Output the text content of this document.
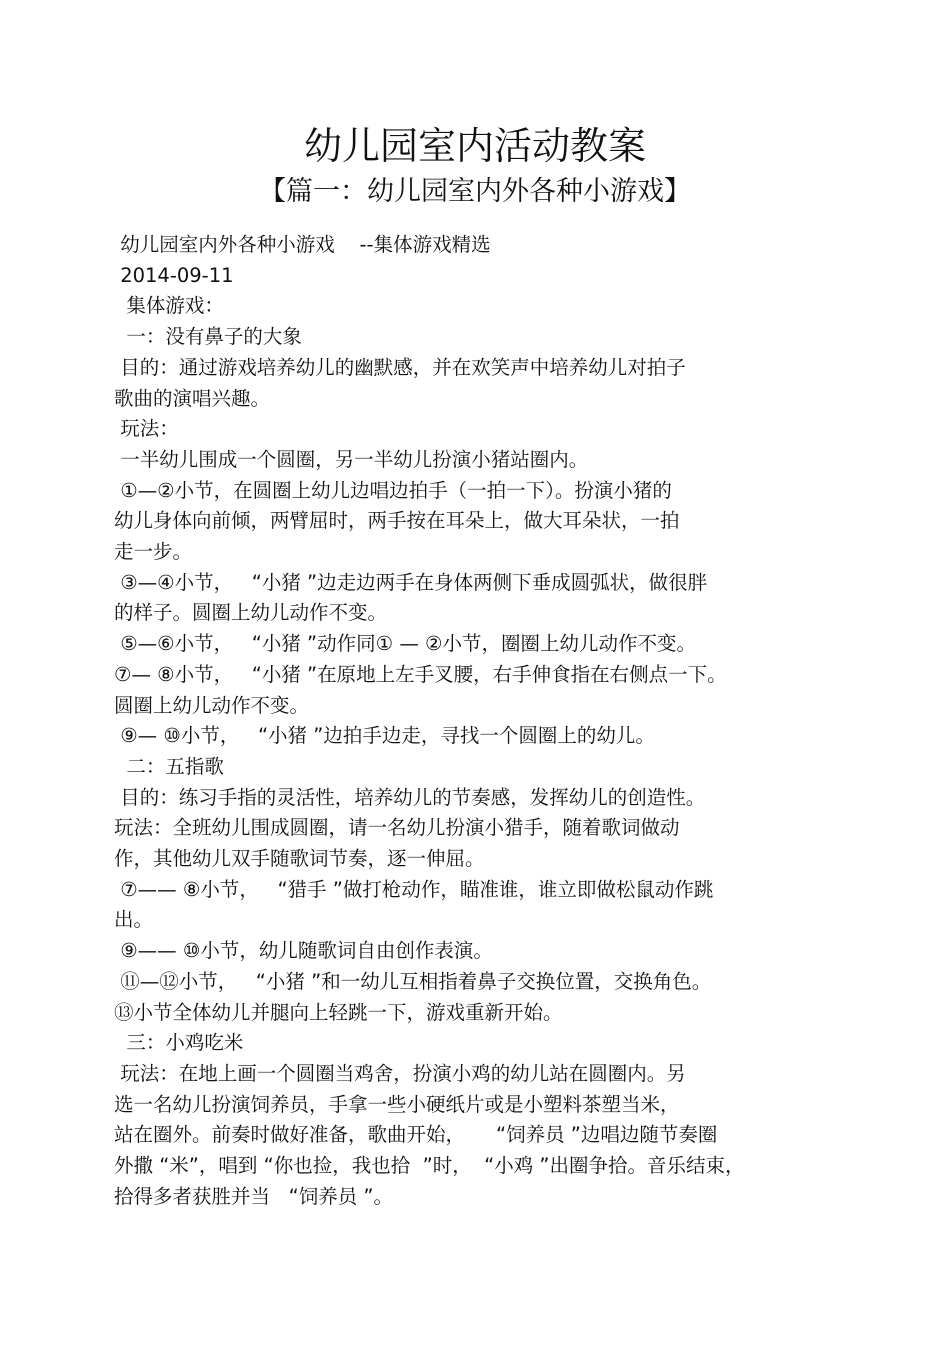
幼儿园室内活动教案
【篇一：幼儿园室内外各种小游戏】
幼儿园室内外各种小游戏    --集体游戏精选
2014-09-11
集体游戏：
一：没有鼻子的大象
目的：通过游戏培养幼儿的幽默感，并在欢笑声中培养幼儿对拍子
歌曲的演唱兴趣。
玩法：
一半幼儿围成一个圆圈，另一半幼儿扮演小猪站圈内。
①—②小节，在圆圈上幼儿边唱边拍手（一拍一下）。扮演小猪的
幼儿身体向前倾，两臂屈时，两手按在耳朵上，做大耳朵状，一拍
走一步。
③—④小节，   “小猪 ”边走边两手在身体两侧下垂成圆弧状，做很胖
的样子。圆圈上幼儿动作不变。
⑤—⑥小节，   “小猪 ”动作同① — ②小节，圈圈上幼儿动作不变。
⑦— ⑧小节，   “小猪 ”在原地上左手叉腰，右手伸食指在右侧点一下。
圆圈上幼儿动作不变。
⑨— ⑩小节，   “小猪 ”边拍手边走，寻找一个圆圈上的幼儿。
二：五指歌
目的：练习手指的灵活性，培养幼儿的节奏感，发挥幼儿的创造性。
玩法：全班幼儿围成圆圈，请一名幼儿扮演小猎手，随着歌词做动
作，其他幼儿双手随歌词节奏，逐一伸屈。
⑦—— ⑧小节，   “猎手 ”做打枪动作，瞄准谁，谁立即做松鼠动作跳
出。
⑨—— ⑩小节，幼儿随歌词自由创作表演。
⑪—⑫小节，   “小猪 ”和一幼儿互相指着鼻子交换位置，交换角色。
⑬小节全体幼儿并腿向上轻跳一下，游戏重新开始。
三：小鸡吃米
玩法：在地上画一个圆圈当鸡舍，扮演小鸡的幼儿站在圆圈内。另
选一名幼儿扮演饲养员，手拿一些小硬纸片或是小塑料茶塑当米，
站在圈外。前奏时做好准备，歌曲开始，     “饲养员 ”边唱边随节奏圈
外撒 “米”，唱到 “你也捡，我也拾  ”时，  “小鸡 ”出圈争拾。音乐结束，
拾得多者获胜并当   “饲养员 ”。
